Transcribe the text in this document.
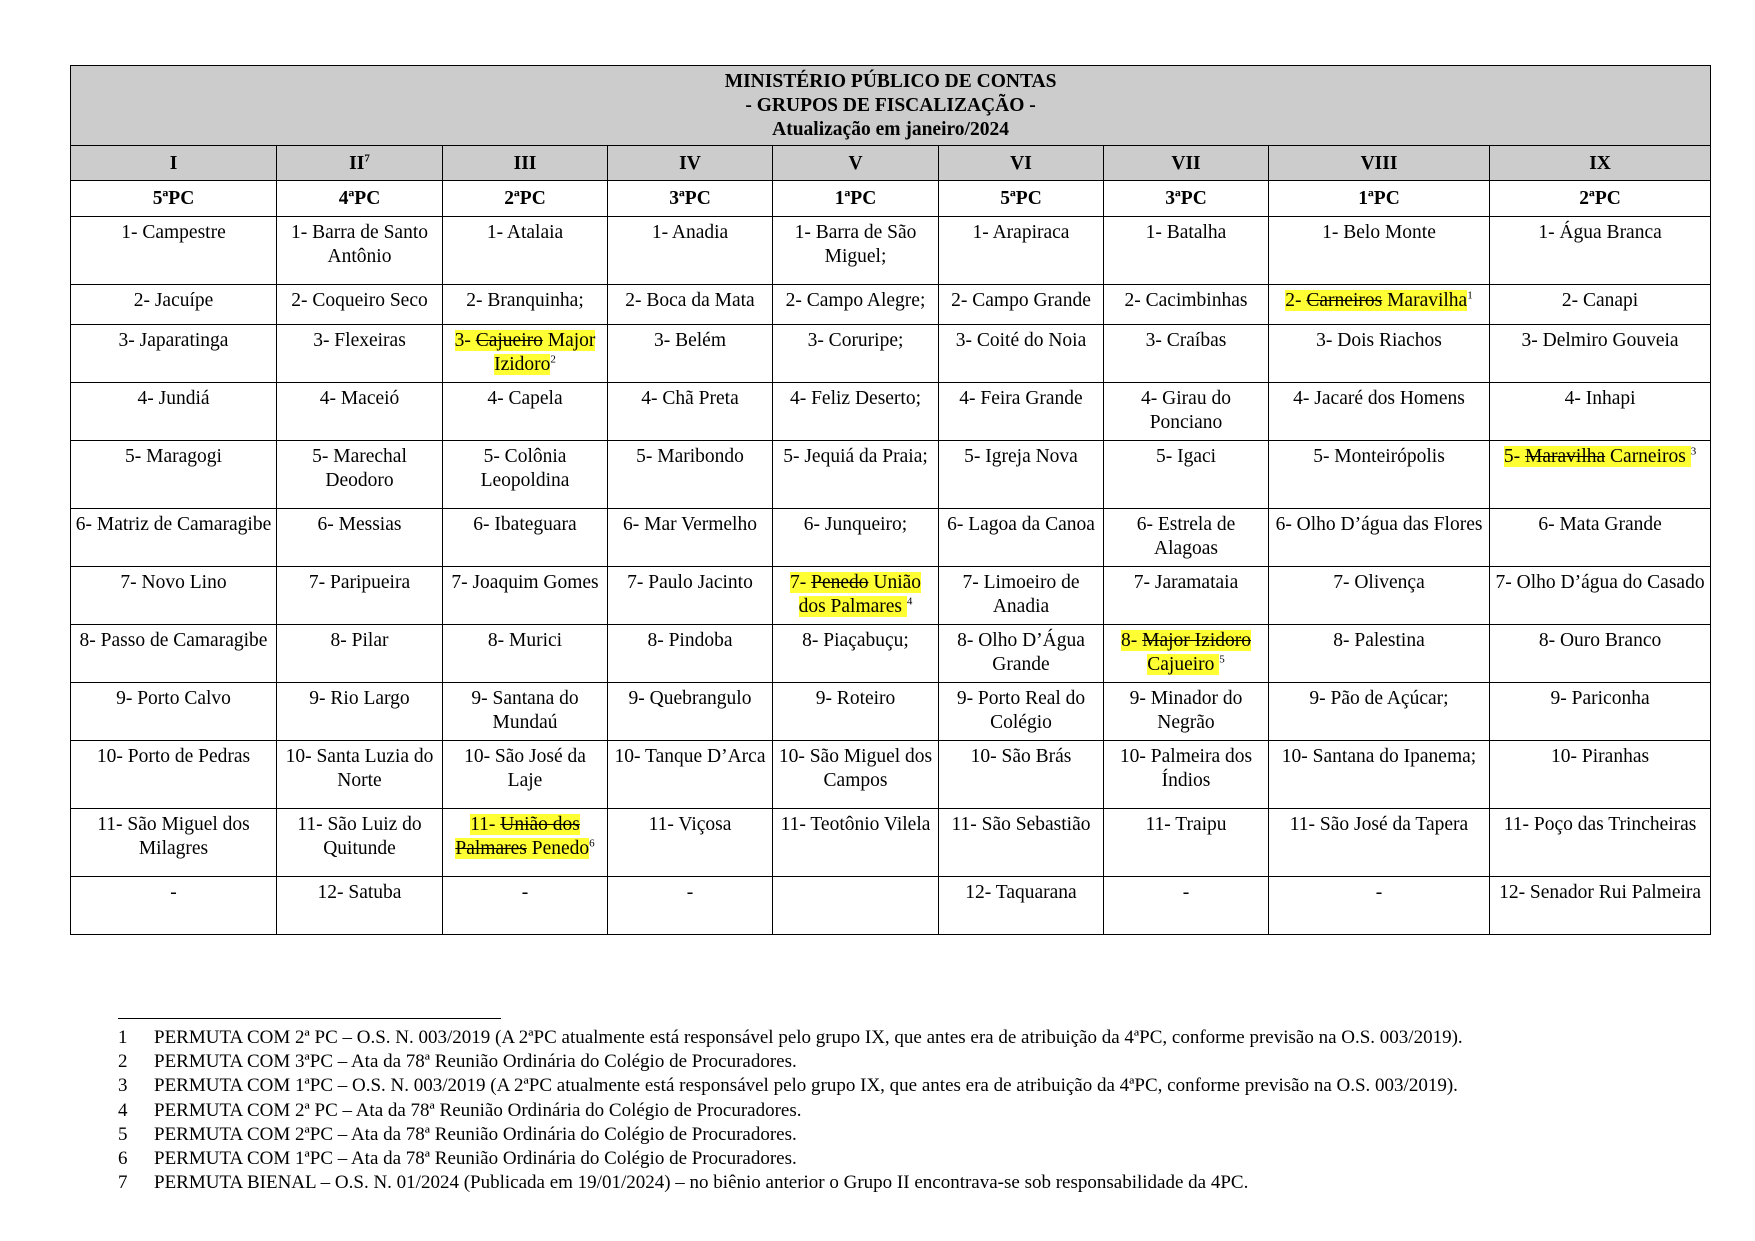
MINISTÉRIO PÚBLICO DE CONTAS
- GRUPOS DE FISCALIZAÇÃO -
Atualização em janeiro/2024								

I	$II^7$	III	IV	V	VI	VII	VIII	IX
5ªPC	4ªPC	2ªPC	3ªPC	1ªPC	5ªPC	3ªPC	1ªPC	2ªPC
1- Campestre	1- Barra de Santo Antônio	1- Atalaia	1- Anadia	1- Barra de São Miguel;	1- Arapiraca	1- Batalha	1- Belo Monte	1- Água Branca
2- Jacuípe	2- Coqueiro Seco	2- Branquinha;	2- Boca da Mata	2- Campo Alegre;	2- Campo Grande	2- Cacimbinhas	2- Carneiros Maravilha$^1$	2- Canapi
3- Japaratinga	3- Flexeiras	3- Cajueiro Major Izidoro$^2$	3- Belém	3- Coruripe;	3- Coité do Noia	3- Craíbas	3- Dois Riachos	3- Delmiro Gouveia
4- Jundiá	4- Maceió	4- Capela	4- Chã Preta	4- Feliz Deserto;	4- Feira Grande	4- Girau do Ponciano	4- Jacaré dos Homens	4- Inhapi
5- Maragogi	5- Marechal Deodoro	5- Colônia Leopoldina	5- Maribondo	5- Jequiá da Praia;	5- Igreja Nova	5- Igaci	5- Monteirópolis	5- Maravilha Carneiros $^3$
6- Matriz de Camaragibe	6- Messias	6- Ibateguara	6- Mar Vermelho	6- Junqueiro;	6- Lagoa da Canoa	6- Estrela de Alagoas	6- Olho D’água das Flores	6- Mata Grande
7- Novo Lino	7- Paripueira	7- Joaquim Gomes	7- Paulo Jacinto	7- Penedo União dos Palmares $^4$	7- Limoeiro de Anadia	7- Jaramataia	7- Olivença	7- Olho D’água do Casado
8- Passo de Camaragibe	8- Pilar	8- Murici	8- Pindoba	8- Piaçabuçu;	8- Olho D’Água Grande	8- Major Izidoro Cajueiro $^5$	8- Palestina	8- Ouro Branco
9- Porto Calvo	9- Rio Largo	9- Santana do Mundaú	9- Quebrangulo	9- Roteiro	9- Porto Real do Colégio	9- Minador do Negrão	9- Pão de Açúcar;	9- Pariconha
10- Porto de Pedras	10- Santa Luzia do Norte	10- São José da Laje	10- Tanque D’Arca	10- São Miguel dos Campos	10- São Brás	10- Palmeira dos Índios	10- Santana do Ipanema;	10- Piranhas
11- São Miguel dos Milagres	11- São Luiz do Quitunde	11- União dos Palmares Penedo$^6$	11- Viçosa	11- Teotônio Vilela	11- São Sebastião	11- Traipu	11- São José da Tapera	11- Poço das Trincheiras
-	12- Satuba	-	-		12- Taquarana	-	-	12- Senador Rui Palmeira
1 PERMUTA COM 2ª PC – O.S. N. 003/2019 (A 2ªPC atualmente está responsável pelo grupo IX, que antes era de atribuição da 4ªPC, conforme previsão na O.S. 003/2019).
2 PERMUTA COM 3ªPC – Ata da 78ª Reunião Ordinária do Colégio de Procuradores.
3 PERMUTA COM 1ªPC – O.S. N. 003/2019 (A 2ªPC atualmente está responsável pelo grupo IX, que antes era de atribuição da 4ªPC, conforme previsão na O.S. 003/2019).
4 PERMUTA COM 2ª PC – Ata da 78ª Reunião Ordinária do Colégio de Procuradores.
5 PERMUTA COM 2ªPC – Ata da 78ª Reunião Ordinária do Colégio de Procuradores.
6 PERMUTA COM 1ªPC – Ata da 78ª Reunião Ordinária do Colégio de Procuradores.
7 PERMUTA BIENAL – O.S. N. 01/2024 (Publicada em 19/01/2024) – no biênio anterior o Grupo II encontrava-se sob responsabilidade da 4PC.
